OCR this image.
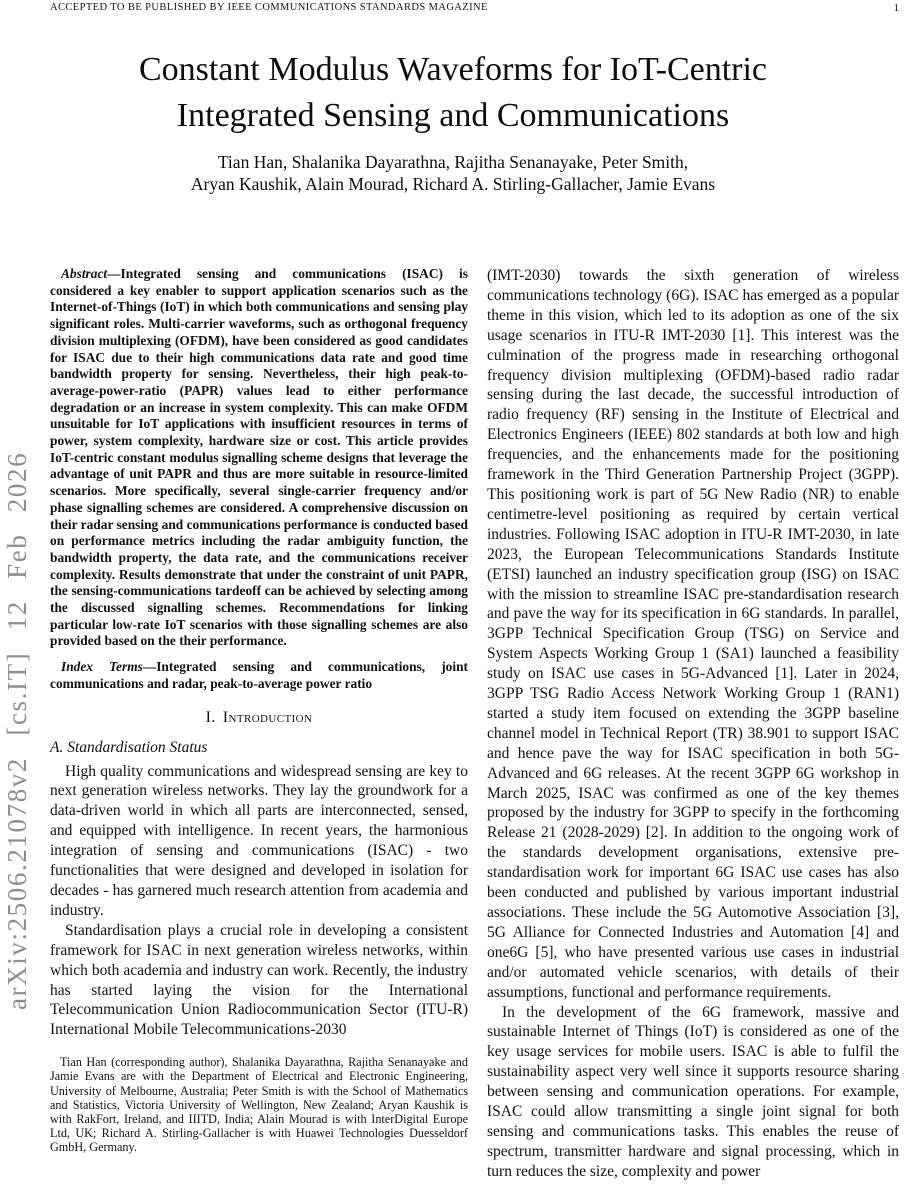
ACCEPTED TO BE PUBLISHED BY IEEE COMMUNICATIONS STANDARDS MAGAZINE	1
arXiv:2506.21078v2 [cs.IT] 12 Feb 2026
Constant Modulus Waveforms for IoT-Centric
Integrated Sensing and Communications
Tian Han, Shalanika Dayarathna, Rajitha Senanayake, Peter Smith,
Aryan Kaushik, Alain Mourad, Richard A. Stirling-Gallacher, Jamie Evans

Abstract—Integrated sensing and communications (ISAC) is considered a key enabler to support application scenarios such as the Internet-of-Things (IoT) in which both communications and sensing play significant roles. Multi-carrier waveforms, such as orthogonal frequency division multiplexing (OFDM), have been considered as good candidates for ISAC due to their high communications data rate and good time bandwidth property for sensing. Nevertheless, their high peak-to-average-power-ratio (PAPR) values lead to either performance degradation or an increase in system complexity. This can make OFDM unsuitable for IoT applications with insufficient resources in terms of power, system complexity, hardware size or cost. This article provides IoT-centric constant modulus signalling scheme designs that leverage the advantage of unit PAPR and thus are more suitable in resource-limited scenarios. More specifically, several single-carrier frequency and/or phase signalling schemes are considered. A comprehensive discussion on their radar sensing and communications performance is conducted based on performance metrics including the radar ambiguity function, the bandwidth property, the data rate, and the communications receiver complexity. Results demonstrate that under the constraint of unit PAPR, the sensing-communications tardeoff can be achieved by selecting among the discussed signalling schemes. Recommendations for linking particular low-rate IoT scenarios with those signalling schemes are also provided based on the their performance.

Index Terms—Integrated sensing and communications, joint communications and radar, peak-to-average power ratio

I. Introduction
A. Standardisation Status

High quality communications and widespread sensing are key to next generation wireless networks. They lay the groundwork for a data-driven world in which all parts are interconnected, sensed, and equipped with intelligence. In recent years, the harmonious integration of sensing and communications (ISAC) - two functionalities that were designed and developed in isolation for decades - has garnered much research attention from academia and industry.

Standardisation plays a crucial role in developing a consistent framework for ISAC in next generation wireless networks, within which both academia and industry can work. Recently, the industry has started laying the vision for the International Telecommunication Union Radiocommunication Sector (ITU-R) International Mobile Telecommunications-2030

Tian Han (corresponding author), Shalanika Dayarathna, Rajitha Senanayake and Jamie Evans are with the Department of Electrical and Electronic Engineering, University of Melbourne, Australia; Peter Smith is with the School of Mathematics and Statistics, Victoria University of Wellington, New Zealand; Aryan Kaushik is with RakFort, Ireland, and IIITD, India; Alain Mourad is with InterDigital Europe Ltd, UK; Richard A. Stirling-Gallacher is with Huawei Technologies Duesseldorf GmbH, Germany.

(IMT-2030) towards the sixth generation of wireless communications technology (6G). ISAC has emerged as a popular theme in this vision, which led to its adoption as one of the six usage scenarios in ITU-R IMT-2030 [1]. This interest was the culmination of the progress made in researching orthogonal frequency division multiplexing (OFDM)-based radio radar sensing during the last decade, the successful introduction of radio frequency (RF) sensing in the Institute of Electrical and Electronics Engineers (IEEE) 802 standards at both low and high frequencies, and the enhancements made for the positioning framework in the Third Generation Partnership Project (3GPP). This positioning work is part of 5G New Radio (NR) to enable centimetre-level positioning as required by certain vertical industries. Following ISAC adoption in ITU-R IMT-2030, in late 2023, the European Telecommunications Standards Institute (ETSI) launched an industry specification group (ISG) on ISAC with the mission to streamline ISAC pre-standardisation research and pave the way for its specification in 6G standards. In parallel, 3GPP Technical Specification Group (TSG) on Service and System Aspects Working Group 1 (SA1) launched a feasibility study on ISAC use cases in 5G-Advanced [1]. Later in 2024, 3GPP TSG Radio Access Network Working Group 1 (RAN1) started a study item focused on extending the 3GPP baseline channel model in Technical Report (TR) 38.901 to support ISAC and hence pave the way for ISAC specification in both 5G-Advanced and 6G releases. At the recent 3GPP 6G workshop in March 2025, ISAC was confirmed as one of the key themes proposed by the industry for 3GPP to specify in the forthcoming Release 21 (2028-2029) [2]. In addition to the ongoing work of the standards development organisations, extensive pre-standardisation work for important 6G ISAC use cases has also been conducted and published by various important industrial associations. These include the 5G Automotive Association [3], 5G Alliance for Connected Industries and Automation [4] and one6G [5], who have presented various use cases in industrial and/or automated vehicle scenarios, with details of their assumptions, functional and performance requirements.

In the development of the 6G framework, massive and sustainable Internet of Things (IoT) is considered as one of the key usage services for mobile users. ISAC is able to fulfil the sustainability aspect very well since it supports resource sharing between sensing and communication operations. For example, ISAC could allow transmitting a single joint signal for both sensing and communications tasks. This enables the reuse of spectrum, transmitter hardware and signal processing, which in turn reduces the size, complexity and power
